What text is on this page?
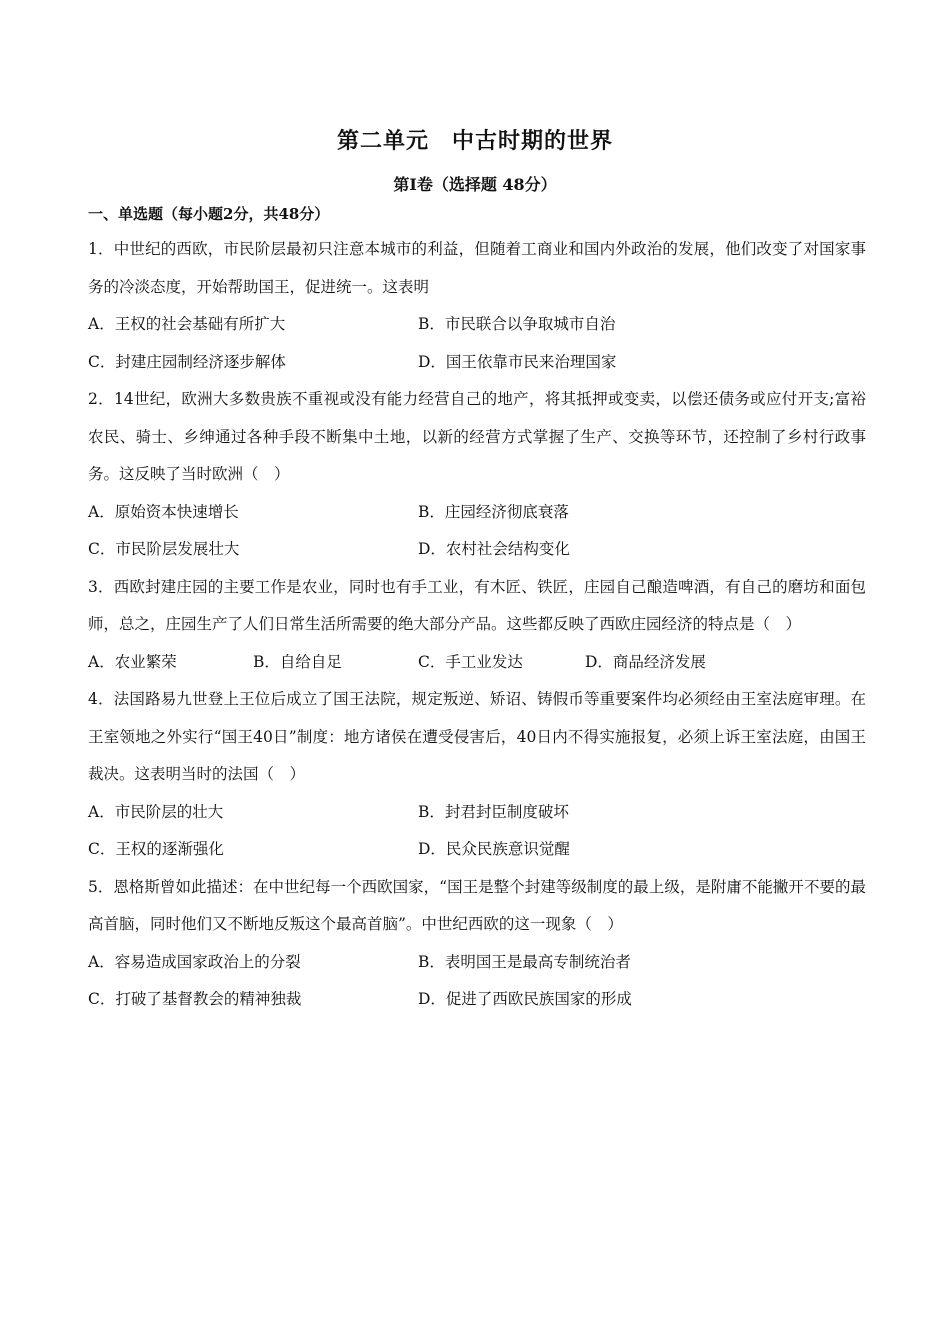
第二单元　中古时期的世界
第Ⅰ卷（选择题 48分）
一、单选题（每小题2分，共48分）

1．中世纪的西欧，市民阶层最初只注意本城市的利益，但随着工商业和国内外政治的发展，他们改变了对国家事务的冷淡态度，开始帮助国王，促进统一。这表明

A．王权的社会基础有所扩大	B．市民联合以争取城市自治
C．封建庄园制经济逐步解体	D．国王依靠市民来治理国家

2．14世纪，欧洲大多数贵族不重视或没有能力经营自己的地产，将其抵押或变卖，以偿还债务或应付开支;富裕农民、骑士、乡绅通过各种手段不断集中土地，以新的经营方式掌握了生产、交换等环节，还控制了乡村行政事务。这反映了当时欧洲（　）

A．原始资本快速增长	B．庄园经济彻底衰落
C．市民阶层发展壮大	D．农村社会结构变化

3．西欧封建庄园的主要工作是农业，同时也有手工业，有木匠、铁匠，庄园自己酿造啤酒，有自己的磨坊和面包师，总之，庄园生产了人们日常生活所需要的绝大部分产品。这些都反映了西欧庄园经济的特点是（　）

A．农业繁荣	B．自给自足	C．手工业发达	D．商品经济发展

4．法国路易九世登上王位后成立了国王法院，规定叛逆、矫诏、铸假币等重要案件均必须经由王室法庭审理。在王室领地之外实行“国王40日”制度：地方诸侯在遭受侵害后，40日内不得实施报复，必须上诉王室法庭，由国王裁决。这表明当时的法国（　）

A．市民阶层的壮大	B．封君封臣制度破坏
C．王权的逐渐强化	D．民众民族意识觉醒

5．恩格斯曾如此描述：在中世纪每一个西欧国家，“国王是整个封建等级制度的最上级，是附庸不能撇开不要的最高首脑，同时他们又不断地反叛这个最高首脑”。中世纪西欧的这一现象（　）

A．容易造成国家政治上的分裂	B．表明国王是最高专制统治者
C．打破了基督教会的精神独裁	D．促进了西欧民族国家的形成
